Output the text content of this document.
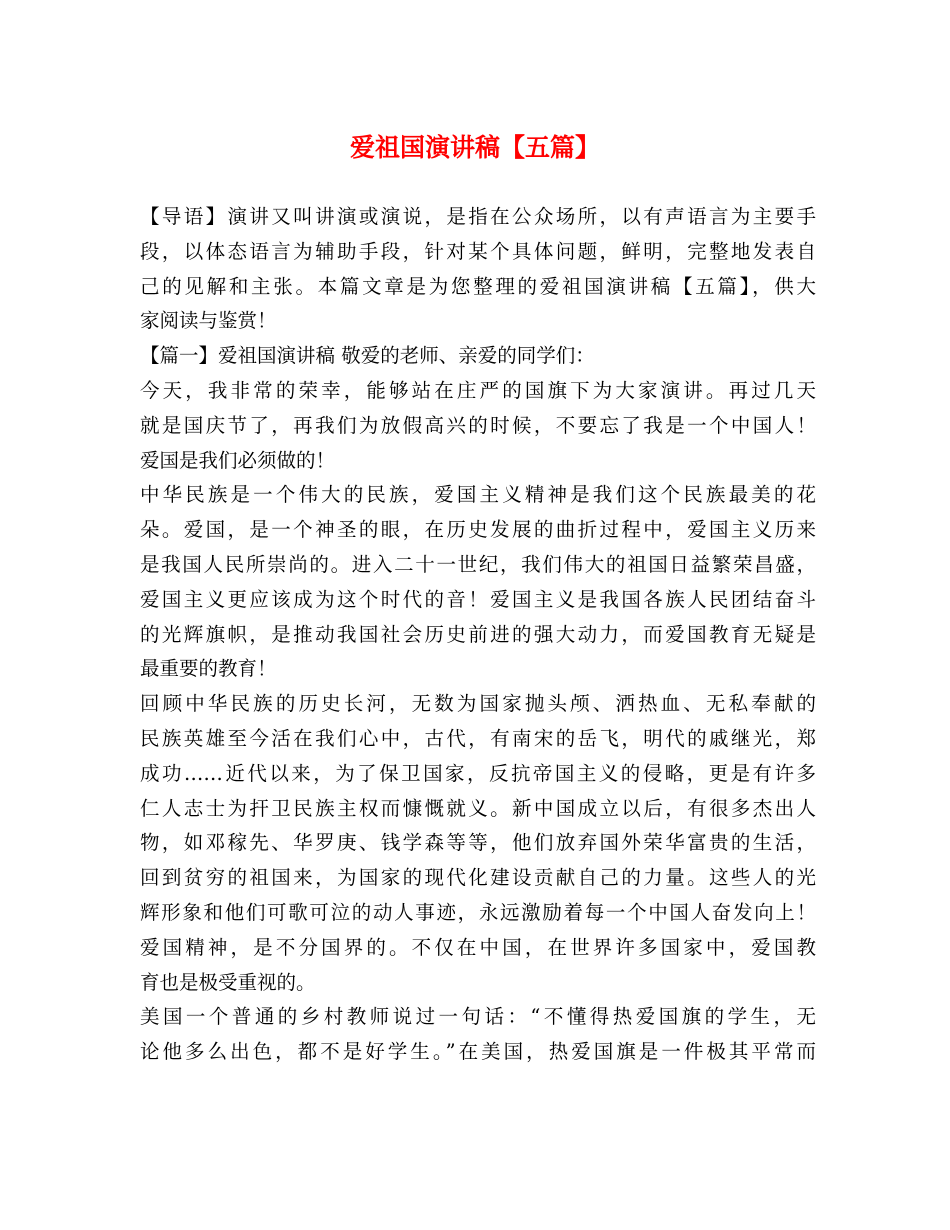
爱祖国演讲稿【五篇】
【导语】演讲又叫讲演或演说，是指在公众场所，以有声语言为主要手
段，以体态语言为辅助手段，针对某个具体问题，鲜明，完整地发表自
己的见解和主张。本篇文章是为您整理的爱祖国演讲稿【五篇】，供大
家阅读与鉴赏！
【篇一】爱祖国演讲稿 敬爱的老师、亲爱的同学们：
今天，我非常的荣幸，能够站在庄严的国旗下为大家演讲。再过几天
就是国庆节了，再我们为放假高兴的时候，不要忘了我是一个中国人！
爱国是我们必须做的！
中华民族是一个伟大的民族，爱国主义精神是我们这个民族最美的花
朵。爱国，是一个神圣的眼，在历史发展的曲折过程中，爱国主义历来
是我国人民所崇尚的。进入二十一世纪，我们伟大的祖国日益繁荣昌盛，
爱国主义更应该成为这个时代的音！爱国主义是我国各族人民团结奋斗
的光辉旗帜，是推动我国社会历史前进的强大动力，而爱国教育无疑是
最重要的教育！
回顾中华民族的历史长河，无数为国家抛头颅、洒热血、无私奉献的
民族英雄至今活在我们心中，古代，有南宋的岳飞，明代的戚继光，郑
成功……近代以来，为了保卫国家，反抗帝国主义的侵略，更是有许多
仁人志士为扞卫民族主权而慷慨就义。新中国成立以后，有很多杰出人
物，如邓稼先、华罗庚、钱学森等等，他们放弃国外荣华富贵的生活，
回到贫穷的祖国来，为国家的现代化建设贡献自己的力量。这些人的光
辉形象和他们可歌可泣的动人事迹，永远激励着每一个中国人奋发向上！
爱国精神，是不分国界的。不仅在中国，在世界许多国家中，爱国教
育也是极受重视的。
美国一个普通的乡村教师说过一句话：“不懂得热爱国旗的学生，无
论他多么出色，都不是好学生。”在美国，热爱国旗是一件极其平常而
